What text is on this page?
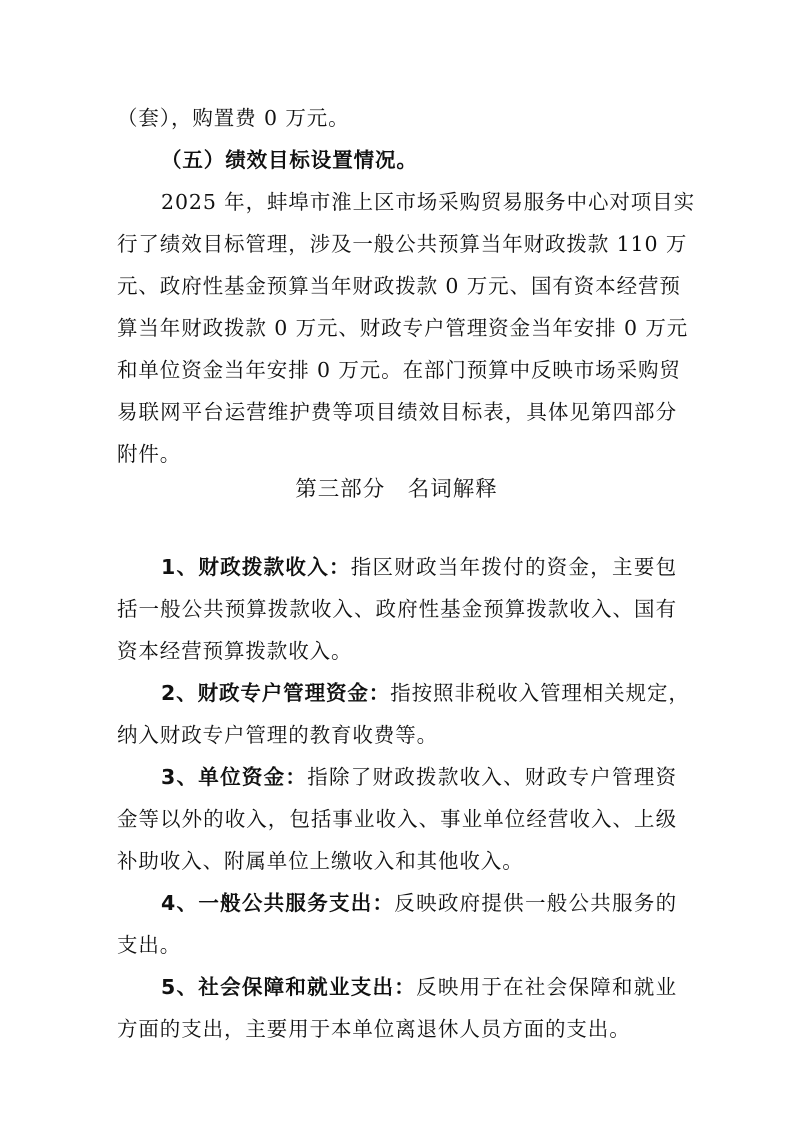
（套），购置费 0 万元。
（五）绩效目标设置情况。
2025 年，蚌埠市淮上区市场采购贸易服务中心对项目实
行了绩效目标管理，涉及一般公共预算当年财政拨款 110 万
元、政府性基金预算当年财政拨款 0 万元、国有资本经营预
算当年财政拨款 0 万元、财政专户管理资金当年安排 0 万元
和单位资金当年安排 0 万元。在部门预算中反映市场采购贸
易联网平台运营维护费等项目绩效目标表，具体见第四部分
附件。
第三部分　名词解释
1、财政拨款收入：指区财政当年拨付的资金，主要包
括一般公共预算拨款收入、政府性基金预算拨款收入、国有
资本经营预算拨款收入。
2、财政专户管理资金：指按照非税收入管理相关规定，
纳入财政专户管理的教育收费等。
3、单位资金：指除了财政拨款收入、财政专户管理资
金等以外的收入，包括事业收入、事业单位经营收入、上级
补助收入、附属单位上缴收入和其他收入。
4、一般公共服务支出：反映政府提供一般公共服务的
支出。
5、社会保障和就业支出：反映用于在社会保障和就业
方面的支出，主要用于本单位离退休人员方面的支出。
